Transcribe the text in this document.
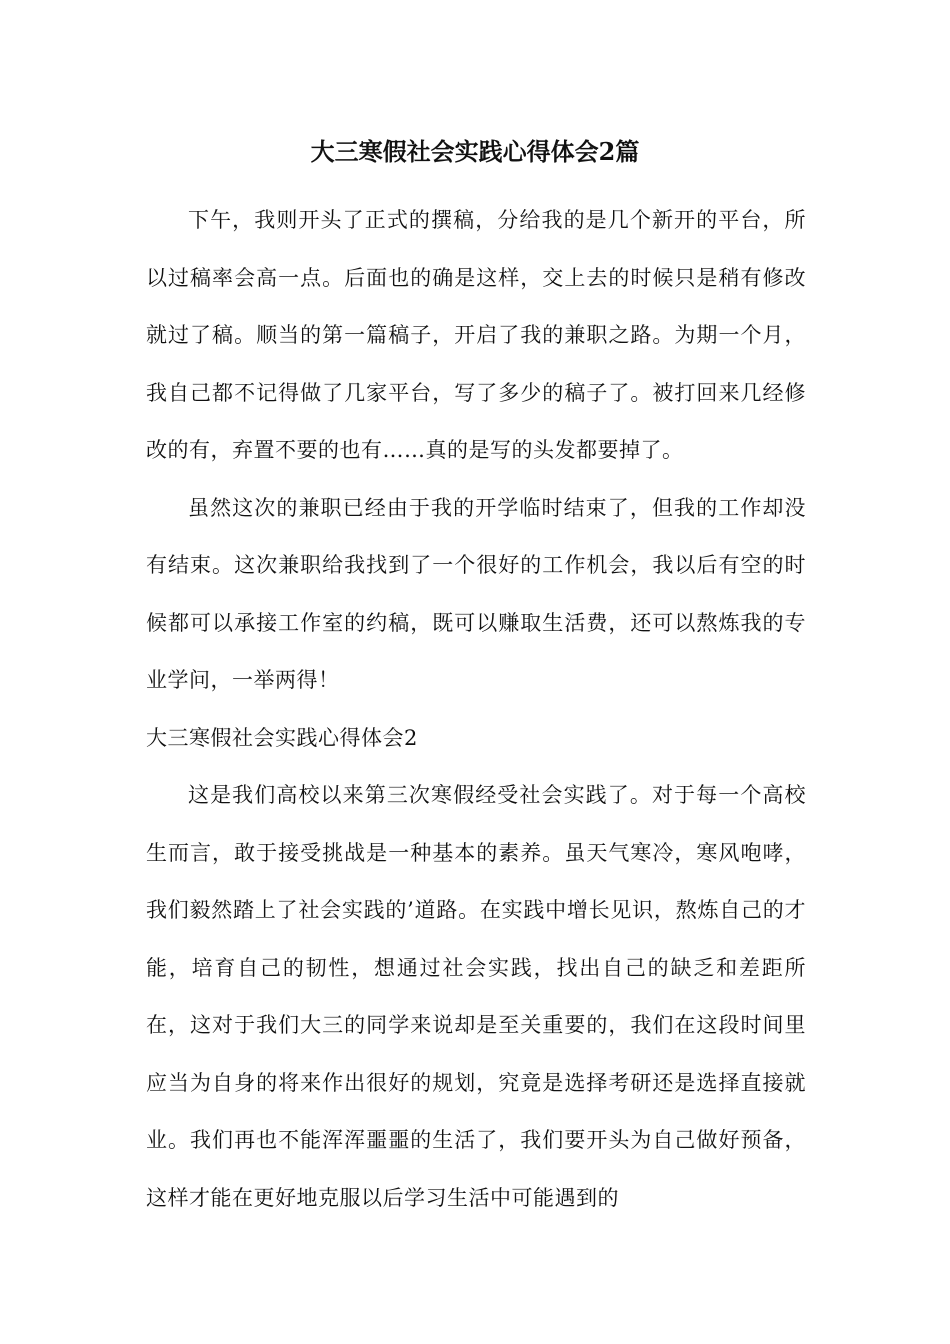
大三寒假社会实践心得体会2篇

下午，我则开头了正式的撰稿，分给我的是几个新开的平台，所以过稿率会高一点。后面也的确是这样，交上去的时候只是稍有修改就过了稿。顺当的第一篇稿子，开启了我的兼职之路。为期一个月，我自己都不记得做了几家平台，写了多少的稿子了。被打回来几经修改的有，弃置不要的也有……真的是写的头发都要掉了。

虽然这次的兼职已经由于我的开学临时结束了，但我的工作却没有结束。这次兼职给我找到了一个很好的工作机会，我以后有空的时候都可以承接工作室的约稿，既可以赚取生活费，还可以熬炼我的专业学问，一举两得！

大三寒假社会实践心得体会2

这是我们高校以来第三次寒假经受社会实践了。对于每一个高校生而言，敢于接受挑战是一种基本的素养。虽天气寒冷，寒风咆哮，我们毅然踏上了社会实践的’道路。在实践中增长见识，熬炼自己的才能，培育自己的韧性，想通过社会实践，找出自己的缺乏和差距所在，这对于我们大三的同学来说却是至关重要的，我们在这段时间里应当为自身的将来作出很好的规划，究竟是选择考研还是选择直接就业。我们再也不能浑浑噩噩的生活了，我们要开头为自己做好预备，这样才能在更好地克服以后学习生活中可能遇到的
